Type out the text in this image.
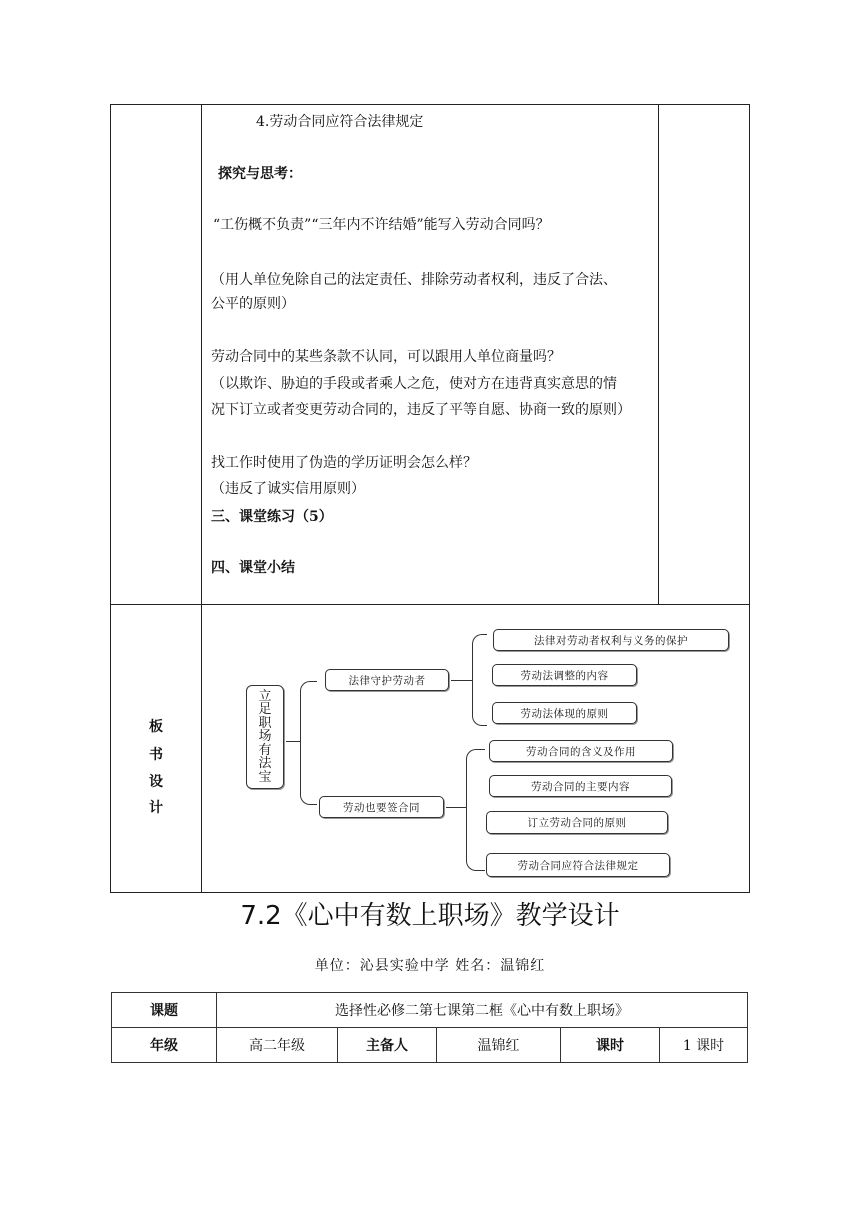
4.劳动合同应符合法律规定
探究与思考：
“工伤概不负责”“三年内不许结婚”能写入劳动合同吗？
（用人单位免除自己的法定责任、排除劳动者权利，违反了合法、
公平的原则）
劳动合同中的某些条款不认同，可以跟用人单位商量吗？
（以欺诈、胁迫的手段或者乘人之危，使对方在违背真实意思的情
况下订立或者变更劳动合同的，违反了平等自愿、协商一致的原则）
找工作时使用了伪造的学历证明会怎么样？
（违反了诚实信用原则）
三、课堂练习（5）
四、课堂小结
板
书
设
计
立
足
职
场
有
法
宝
法律守护劳动者
法律对劳动者权利与义务的保护
劳动法调整的内容
劳动法体现的原则
劳动也要签合同
劳动合同的含义及作用
劳动合同的主要内容
订立劳动合同的原则
劳动合同应符合法律规定
7.2《心中有数上职场》教学设计
单位：沁县实验中学 姓名：温锦红
课题	选择性必修二第七课第二框《心中有数上职场》				
年级	高二年级	主备人	温锦红	课时	1 课时
